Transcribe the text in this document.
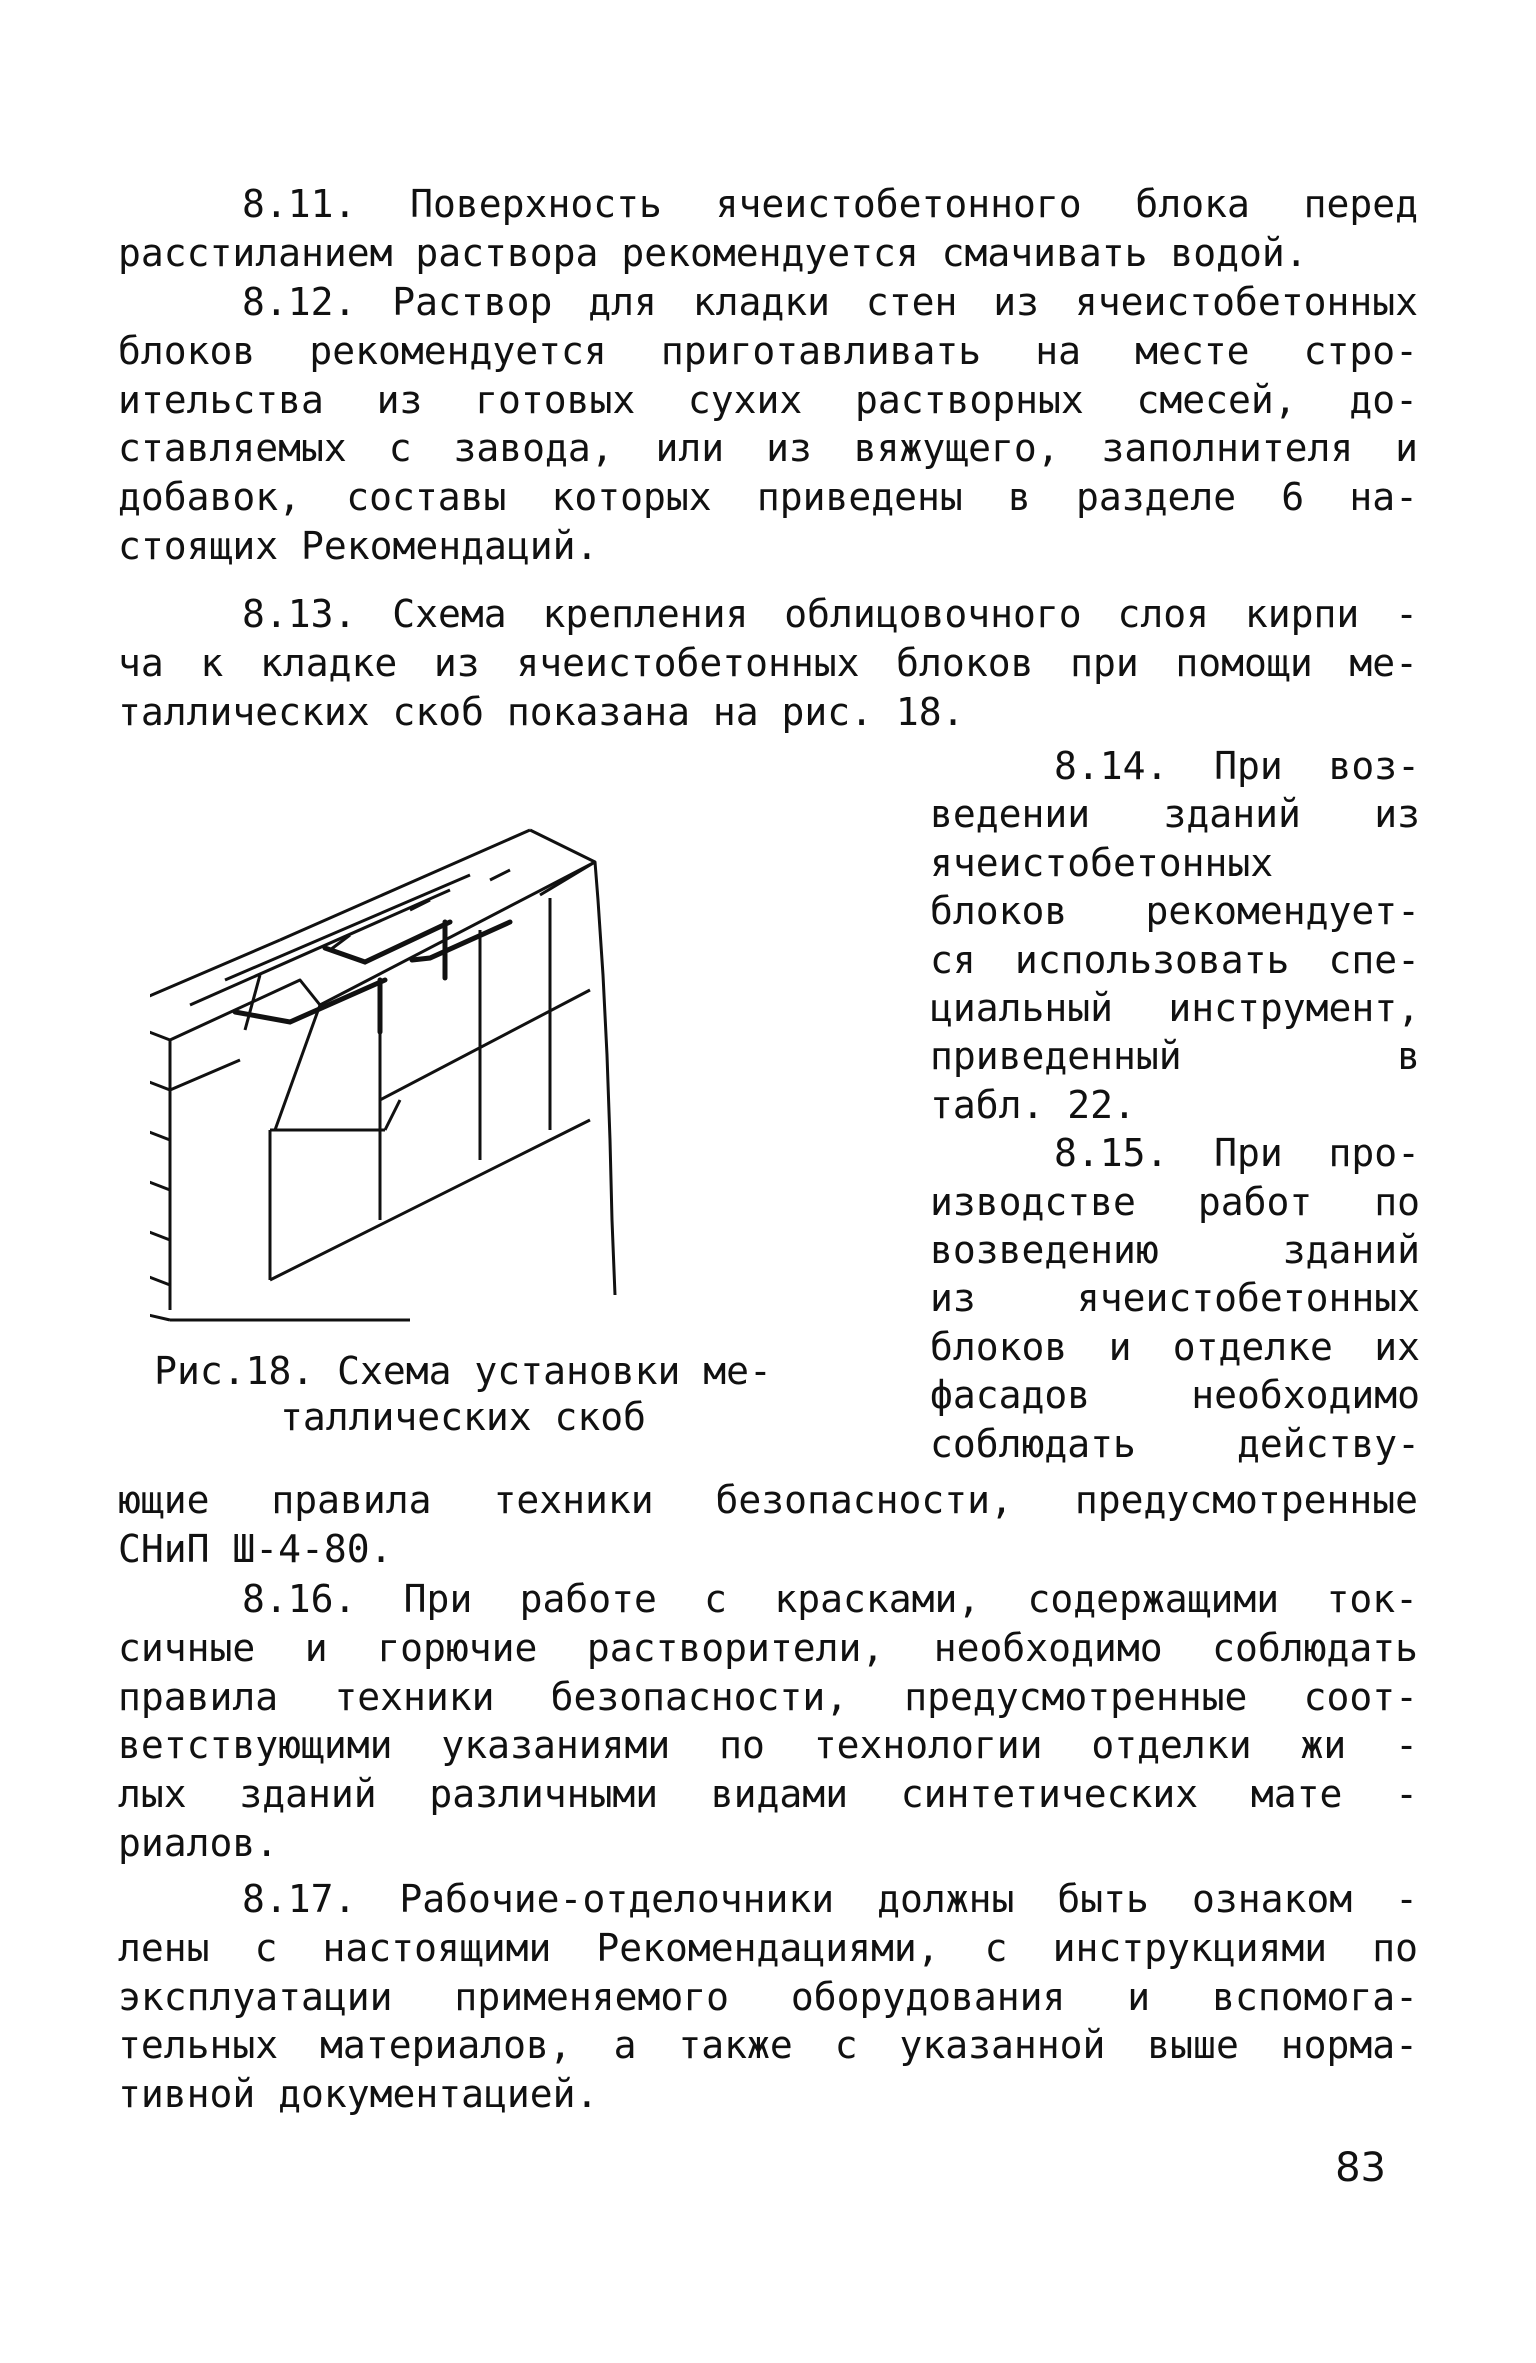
8.11. Поверхность ячеистобетонного блока перед
расстиланием раствора рекомендуется смачивать водой.
8.12. Раствор для кладки стен из ячеистобетонных
блоков рекомендуется приготавливать на месте стро-
ительства из готовых сухих растворных смесей, до-
ставляемых с завода, или из вяжущего, заполнителя и
добавок, составы которых приведены в разделе 6 на-
стоящих Рекомендаций.
8.13. Схема крепления облицовочного слоя кирпи -
ча к кладке из ячеистобетонных блоков при помощи ме-
таллических скоб показана на рис. 18.
Рис.18. Схема установки ме-
таллических скоб
8.14. При воз-
ведении зданий из
ячеистобетонных
блоков рекомендует-
ся использовать спе-
циальный инструмент,
приведенный в
табл. 22.
8.15. При про-
изводстве работ по
возведению зданий
из ячеистобетонных
блоков и отделке их
фасадов необходимо
соблюдать действу-
ющие правила техники безопасности, предусмотренные
СНиП Ш-4-80.
8.16. При работе с красками, содержащими ток-
сичные и горючие растворители, необходимо соблюдать
правила техники безопасности, предусмотренные соот-
ветствующими указаниями по технологии отделки жи -
лых зданий различными видами синтетических мате -
риалов.
8.17. Рабочие-отделочники должны быть ознаком -
лены с настоящими Рекомендациями, с инструкциями по
эксплуатации применяемого оборудования и вспомога-
тельных материалов, а также с указанной выше норма-
тивной документацией.
83
